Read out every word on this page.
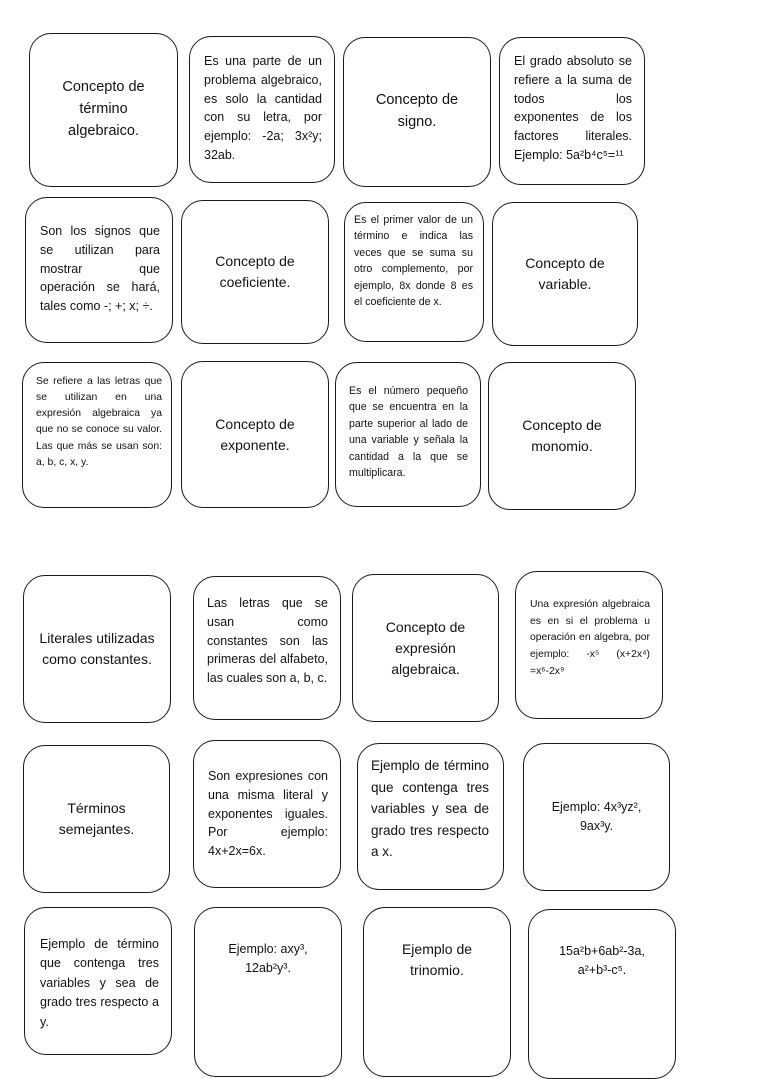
Concepto de término algebraico.
Es una parte de un problema algebraico, es solo la cantidad con su letra, por ejemplo: -2a; 3x²y; 32ab.
Concepto de signo.
El grado absoluto se refiere a la suma de todos los exponentes de los factores literales. Ejemplo: 5a²b⁴c⁵=¹¹
Son los signos que se utilizan para mostrar que operación se hará, tales como -; +; x; ÷.
Concepto de coeficiente.
Es el primer valor de un término e indica las veces que se suma su otro complemento, por ejemplo, 8x donde 8 es el coeficiente de x.
Concepto de variable.
Se refiere a las letras que se utilizan en una expresión algebraica ya que no se conoce su valor. Las que más se usan son: a, b, c, x, y.
Concepto de exponente.
Es el número pequeño que se encuentra en la parte superior al lado de una variable y señala la cantidad a la que se multiplicara.
Concepto de monomio.
Literales utilizadas como constantes.
Las letras que se usan como constantes son las primeras del alfabeto, las cuales son a, b, c.
Concepto de expresión algebraica.
Una expresión algebraica es en si el problema u operación en algebra, por ejemplo: -x⁵ (x+2x⁴) =x⁶-2x⁹
Términos semejantes.
Son expresiones con una misma literal y exponentes iguales. Por ejemplo: 4x+2x=6x.
Ejemplo de término que contenga tres variables y sea de grado tres respecto a x.
Ejemplo: 4x³yz², 9ax³y.
Ejemplo de término que contenga tres variables y sea de grado tres respecto a y.
Ejemplo: axy³, 12ab²y³.
Ejemplo de trinomio.
15a²b+6ab²-3a, a²+b³-c⁵.
